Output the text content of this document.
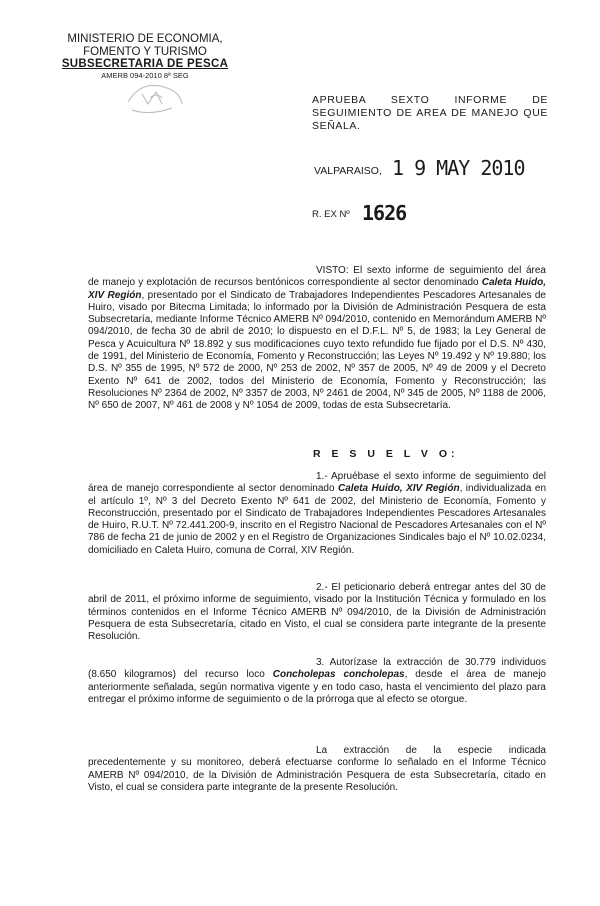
MINISTERIO DE ECONOMIA,
FOMENTO Y TURISMO
SUBSECRETARIA DE PESCA
AMERB 094-2010 8ª SEG
APRUEBA SEXTO INFORME DE SEGUIMIENTO DE AREA DE MANEJO QUE SEÑALA.
VALPARAISO, 1 9 MAY 2010
R. EX Nº 1626
VISTO: El sexto informe de seguimiento del área de manejo y explotación de recursos bentónicos correspondiente al sector denominado Caleta Huido, XIV Región, presentado por el Sindicato de Trabajadores Independientes Pescadores Artesanales de Huiro, visado por Bitecma Limitada; lo informado por la División de Administración Pesquera de esta Subsecretaría, mediante Informe Técnico AMERB Nº 094/2010, contenido en Memorándum AMERB Nº 094/2010, de fecha 30 de abril de 2010; lo dispuesto en el D.F.L. Nº 5, de 1983; la Ley General de Pesca y Acuicultura Nº 18.892 y sus modificaciones cuyo texto refundido fue fijado por el D.S. Nº 430, de 1991, del Ministerio de Economía, Fomento y Reconstrucción; las Leyes Nº 19.492 y Nº 19.880; los D.S. Nº 355 de 1995, Nº 572 de 2000, Nº 253 de 2002, Nº 357 de 2005, Nº 49 de 2009 y el Decreto Exento Nº 641 de 2002, todos del Ministerio de Economía, Fomento y Reconstrucción; las Resoluciones Nº 2364 de 2002, Nº 3357 de 2003, Nº 2461 de 2004, Nº 345 de 2005, Nº 1188 de 2006, Nº 650 de 2007, Nº 461 de 2008 y Nº 1054 de 2009, todas de esta Subsecretaría.
R E S U E L V O:
1.- Apruébase el sexto informe de seguimiento del área de manejo correspondiente al sector denominado Caleta Huido, XIV Región, individualizada en el artículo 1º, Nº 3 del Decreto Exento Nº 641 de 2002, del Ministerio de Economía, Fomento y Reconstrucción, presentado por el Sindicato de Trabajadores Independientes Pescadores Artesanales de Huiro, R.U.T. Nº 72.441.200-9, inscrito en el Registro Nacional de Pescadores Artesanales con el Nº 786 de fecha 21 de junio de 2002 y en el Registro de Organizaciones Sindicales bajo el Nº 10.02.0234, domiciliado en Caleta Huiro, comuna de Corral, XIV Región.
2.- El peticionario deberá entregar antes del 30 de abril de 2011, el próximo informe de seguimiento, visado por la Institución Técnica y formulado en los términos contenidos en el Informe Técnico AMERB Nº 094/2010, de la División de Administración Pesquera de esta Subsecretaría, citado en Visto, el cual se considera parte integrante de la presente Resolución.
3. Autorízase la extracción de 30.779 individuos (8.650 kilogramos) del recurso loco Concholepas concholepas, desde el área de manejo anteriormente señalada, según normativa vigente y en todo caso, hasta el vencimiento del plazo para entregar el próximo informe de seguimiento o de la prórroga que al efecto se otorgue.
La extracción de la especie indicada precedentemente y su monitoreo, deberá efectuarse conforme lo señalado en el Informe Técnico AMERB Nº 094/2010, de la División de Administración Pesquera de esta Subsecretaría, citado en Visto, el cual se considera parte integrante de la presente Resolución.
